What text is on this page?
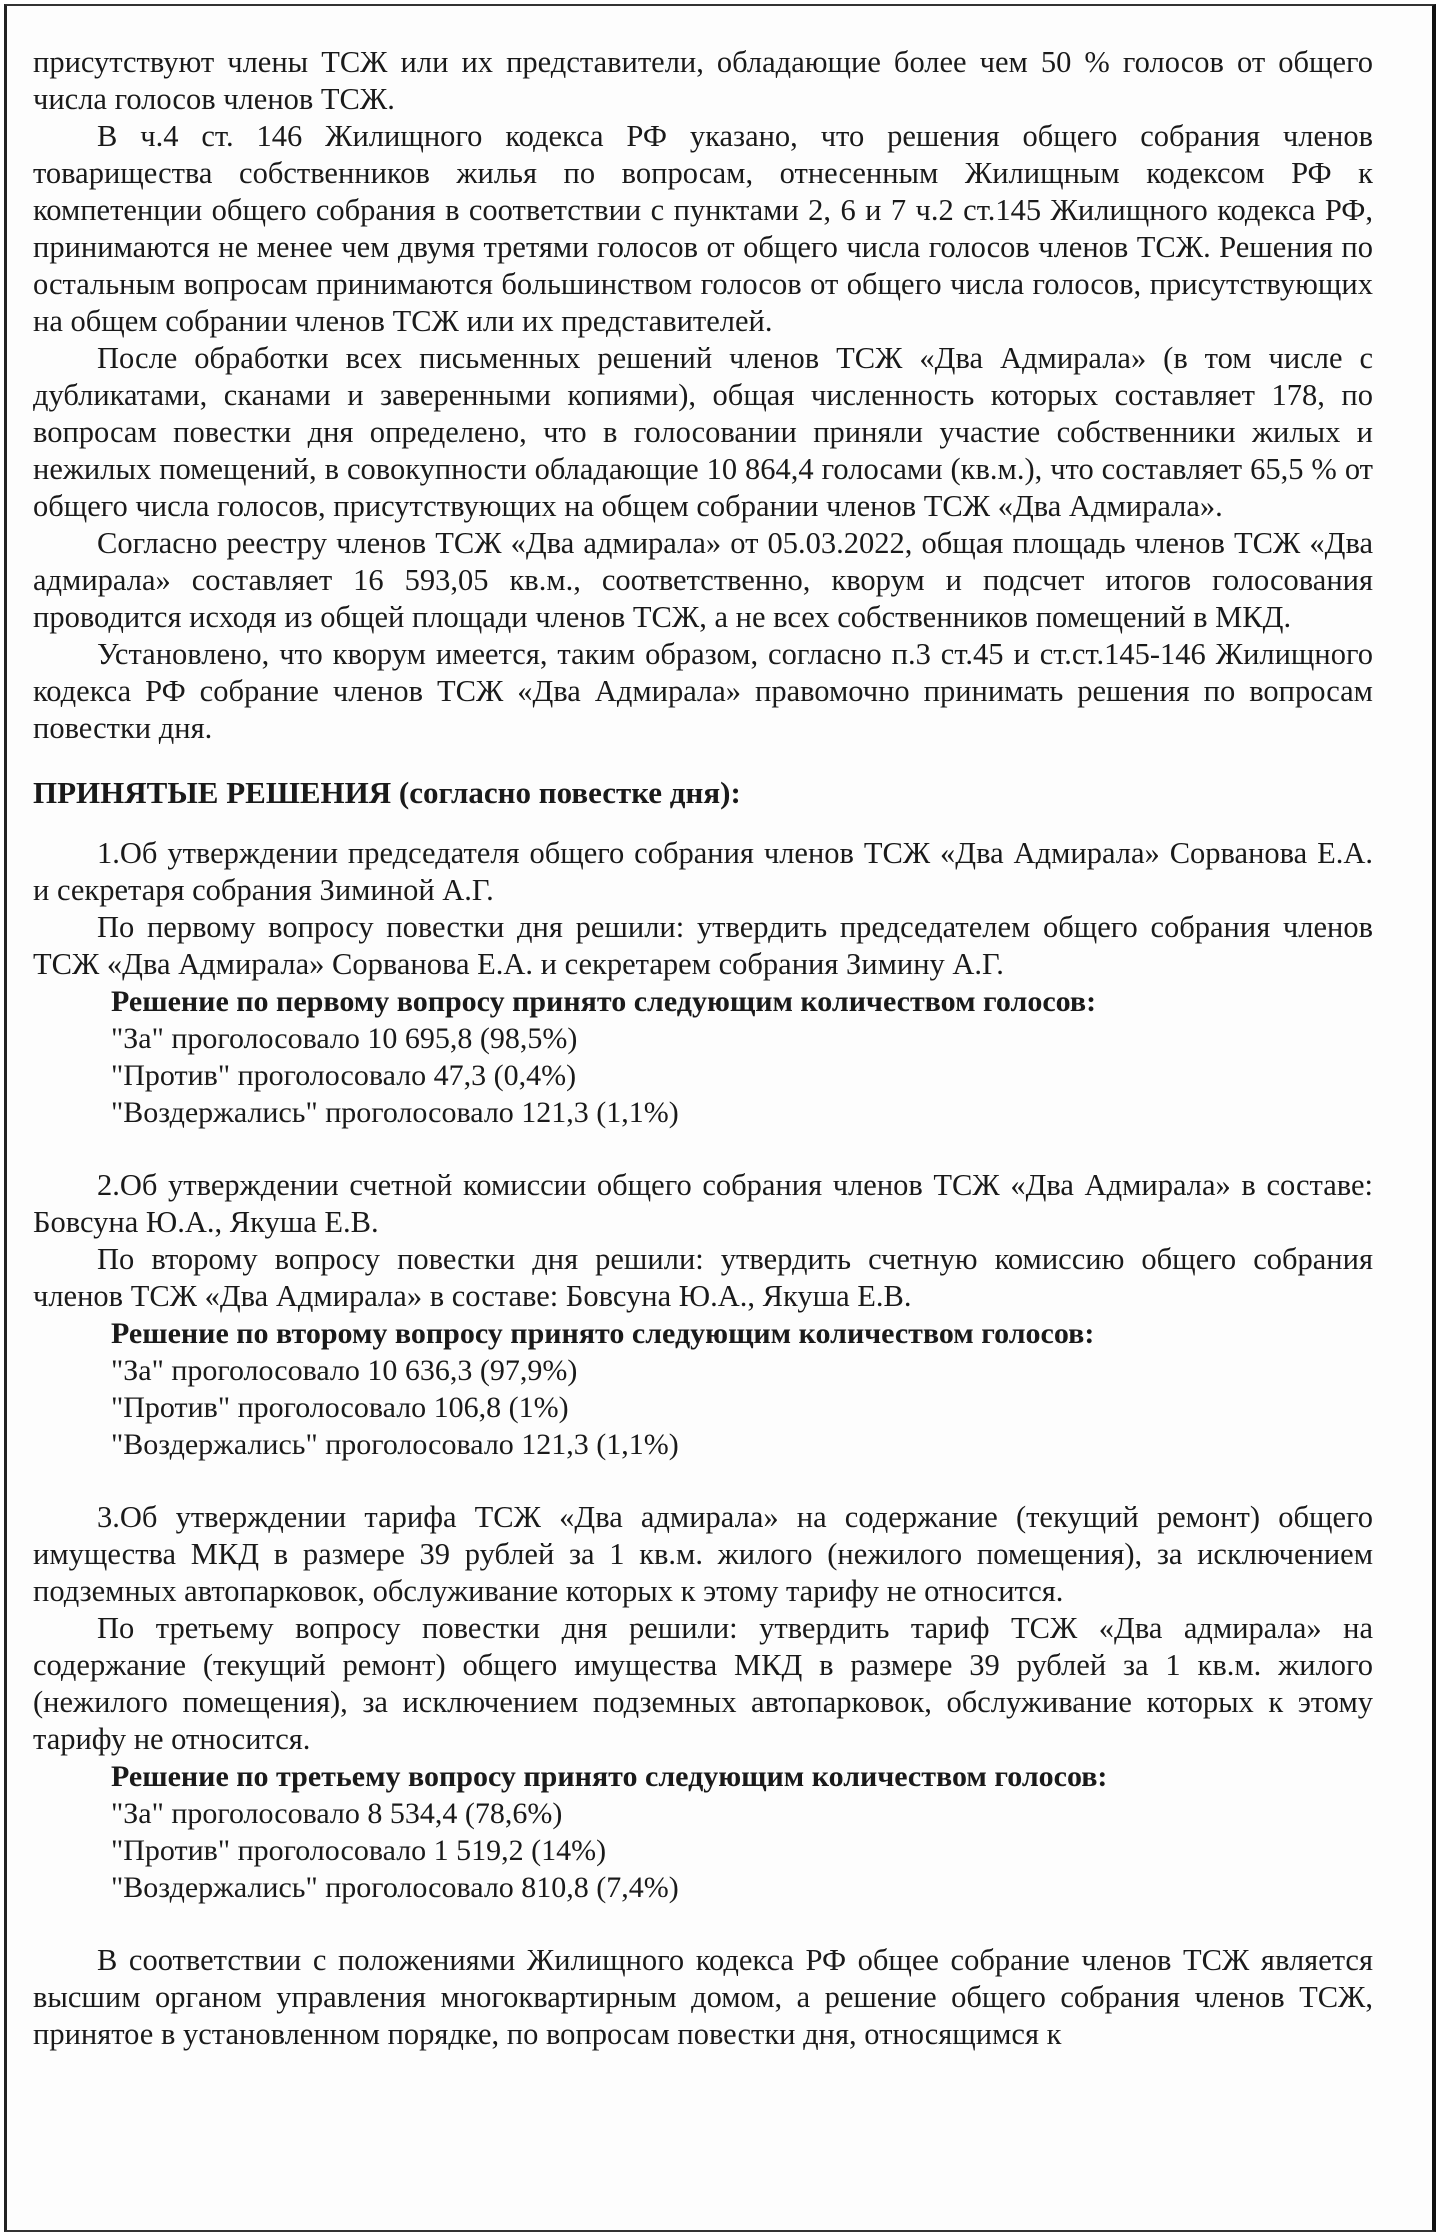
присутствуют члены ТСЖ или их представители, обладающие более чем 50 % голосов от общего числа голосов членов ТСЖ.

В ч.4 ст. 146 Жилищного кодекса РФ указано, что решения общего собрания членов товарищества собственников жилья по вопросам, отнесенным Жилищным кодексом РФ к компетенции общего собрания в соответствии с пунктами 2, 6 и 7 ч.2 ст.145 Жилищного кодекса РФ, принимаются не менее чем двумя третями голосов от общего числа голосов членов ТСЖ. Решения по остальным вопросам принимаются большинством голосов от общего числа голосов, присутствующих на общем собрании членов ТСЖ или их представителей.

После обработки всех письменных решений членов ТСЖ «Два Адмирала» (в том числе с дубликатами, сканами и заверенными копиями), общая численность которых составляет 178, по вопросам повестки дня определено, что в голосовании приняли участие собственники жилых и нежилых помещений, в совокупности обладающие 10 864,4 голосами (кв.м.), что составляет 65,5 % от общего числа голосов, присутствующих на общем собрании членов ТСЖ «Два Адмирала».

Согласно реестру членов ТСЖ «Два адмирала» от 05.03.2022, общая площадь членов ТСЖ «Два адмирала» составляет 16 593,05 кв.м., соответственно, кворум и подсчет итогов голосования проводится исходя из общей площади членов ТСЖ, а не всех собственников помещений в МКД.

Установлено, что кворум имеется, таким образом, согласно п.3 ст.45 и ст.ст.145-146 Жилищного кодекса РФ собрание членов ТСЖ «Два Адмирала» правомочно принимать решения по вопросам повестки дня.

ПРИНЯТЫЕ РЕШЕНИЯ (согласно повестке дня):

1.Об утверждении председателя общего собрания членов ТСЖ «Два Адмирала» Сорванова Е.А. и секретаря собрания Зиминой А.Г.

По первому вопросу повестки дня решили: утвердить председателем общего собрания членов ТСЖ «Два Адмирала» Сорванова Е.А. и секретарем собрания Зимину А.Г.

Решение по первому вопросу принято следующим количеством голосов:

"За" проголосовало 10 695,8 (98,5%)

"Против" проголосовало 47,3 (0,4%)

"Воздержались" проголосовало 121,3 (1,1%)

2.Об утверждении счетной комиссии общего собрания членов ТСЖ «Два Адмирала» в составе: Бовсуна Ю.А., Якуша Е.В.

По второму вопросу повестки дня решили: утвердить счетную комиссию общего собрания членов ТСЖ «Два Адмирала» в составе: Бовсуна Ю.А., Якуша Е.В.

Решение по второму вопросу принято следующим количеством голосов:

"За" проголосовало 10 636,3 (97,9%)

"Против" проголосовало 106,8 (1%)

"Воздержались" проголосовало 121,3 (1,1%)

3.Об утверждении тарифа ТСЖ «Два адмирала» на содержание (текущий ремонт) общего имущества МКД в размере 39 рублей за 1 кв.м. жилого (нежилого помещения), за исключением подземных автопарковок, обслуживание которых к этому тарифу не относится.

По третьему вопросу повестки дня решили: утвердить тариф ТСЖ «Два адмирала» на содержание (текущий ремонт) общего имущества МКД в размере 39 рублей за 1 кв.м. жилого (нежилого помещения), за исключением подземных автопарковок, обслуживание которых к этому тарифу не относится.

Решение по третьему вопросу принято следующим количеством голосов:

"За" проголосовало 8 534,4 (78,6%)

"Против" проголосовало 1 519,2 (14%)

"Воздержались" проголосовало 810,8 (7,4%)

В соответствии с положениями Жилищного кодекса РФ общее собрание членов ТСЖ является высшим органом управления многоквартирным домом, а решение общего собрания членов ТСЖ, принятое в установленном порядке, по вопросам повестки дня, относящимся к
